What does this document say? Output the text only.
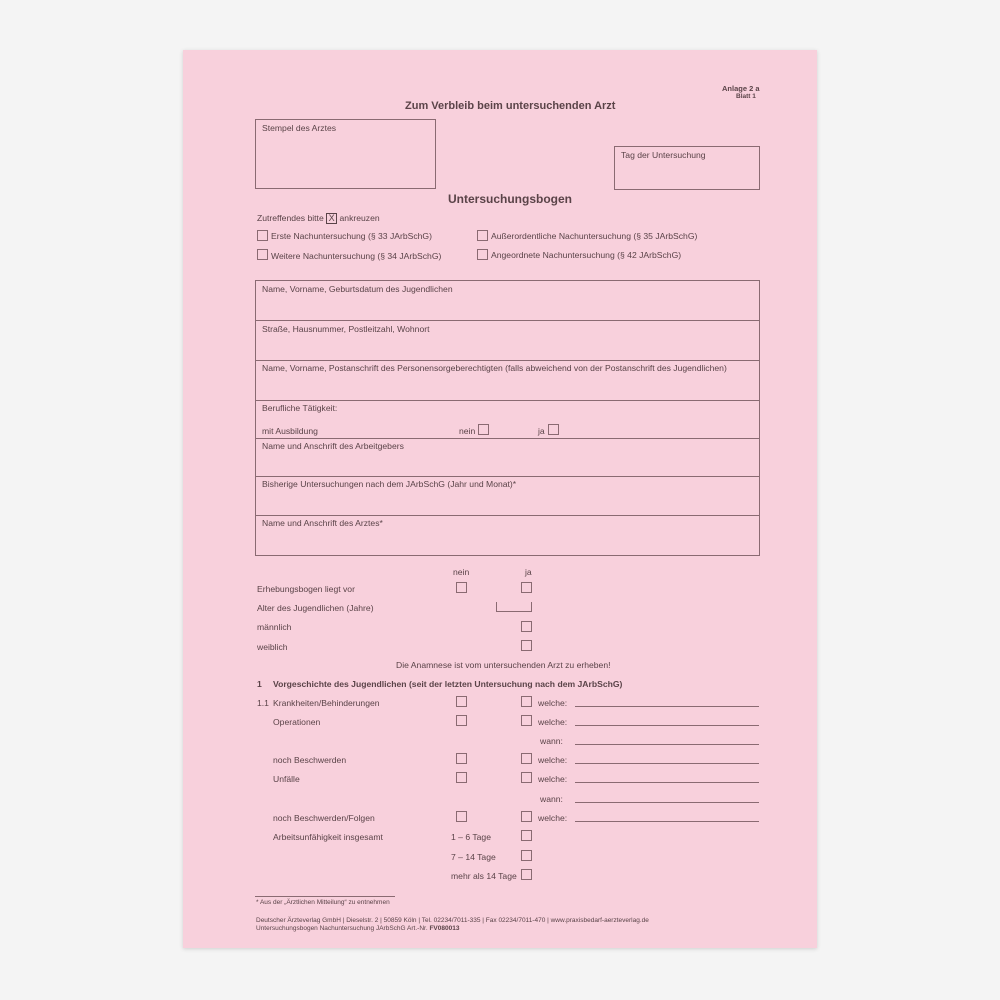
Anlage 2 a
Blatt 1
Zum Verbleib beim untersuchenden Arzt
Stempel des Arztes
Tag der Untersuchung
Untersuchungsbogen
Zutreffendes bitte X ankreuzen
Erste Nachuntersuchung (§ 33 JArbSchG)	Außerordentliche Nachuntersuchung (§ 35 JArbSchG)
Weitere Nachuntersuchung (§ 34 JArbSchG)	Angeordnete Nachuntersuchung (§ 42 JArbSchG)
Name, Vorname, Geburtsdatum des Jugendlichen
Straße, Hausnummer, Postleitzahl, Wohnort
Name, Vorname, Postanschrift des Personensorgeberechtigten (falls abweichend von der Postanschrift des Jugendlichen)
Berufliche Tätigkeit:
mit Ausbildung	nein	ja
Name und Anschrift des Arbeitgebers
Bisherige Untersuchungen nach dem JArbSchG (Jahr und Monat)*
Name und Anschrift des Arztes*
nein	ja
Erhebungsbogen liegt vor
Alter des Jugendlichen (Jahre)
männlich
weiblich
Die Anamnese ist vom untersuchenden Arzt zu erheben!
1 Vorgeschichte des Jugendlichen (seit der letzten Untersuchung nach dem JArbSchG)
1.1 Krankheiten/Behinderungen	welche:
Operationen	welche:
wann:
noch Beschwerden	welche:
Unfälle	welche:
wann:
noch Beschwerden/Folgen	welche:
Arbeitsunfähigkeit insgesamt	1 – 6 Tage
7 – 14 Tage
mehr als 14 Tage
* Aus der „Ärztlichen Mitteilung“ zu entnehmen
Deutscher Ärzteverlag GmbH | Dieselstr. 2 | 50859 Köln | Tel. 02234/7011-335 | Fax 02234/7011-470 | www.praxisbedarf-aerzteverlag.de
Untersuchungsbogen Nachuntersuchung JArbSchG Art.-Nr. FV080013
